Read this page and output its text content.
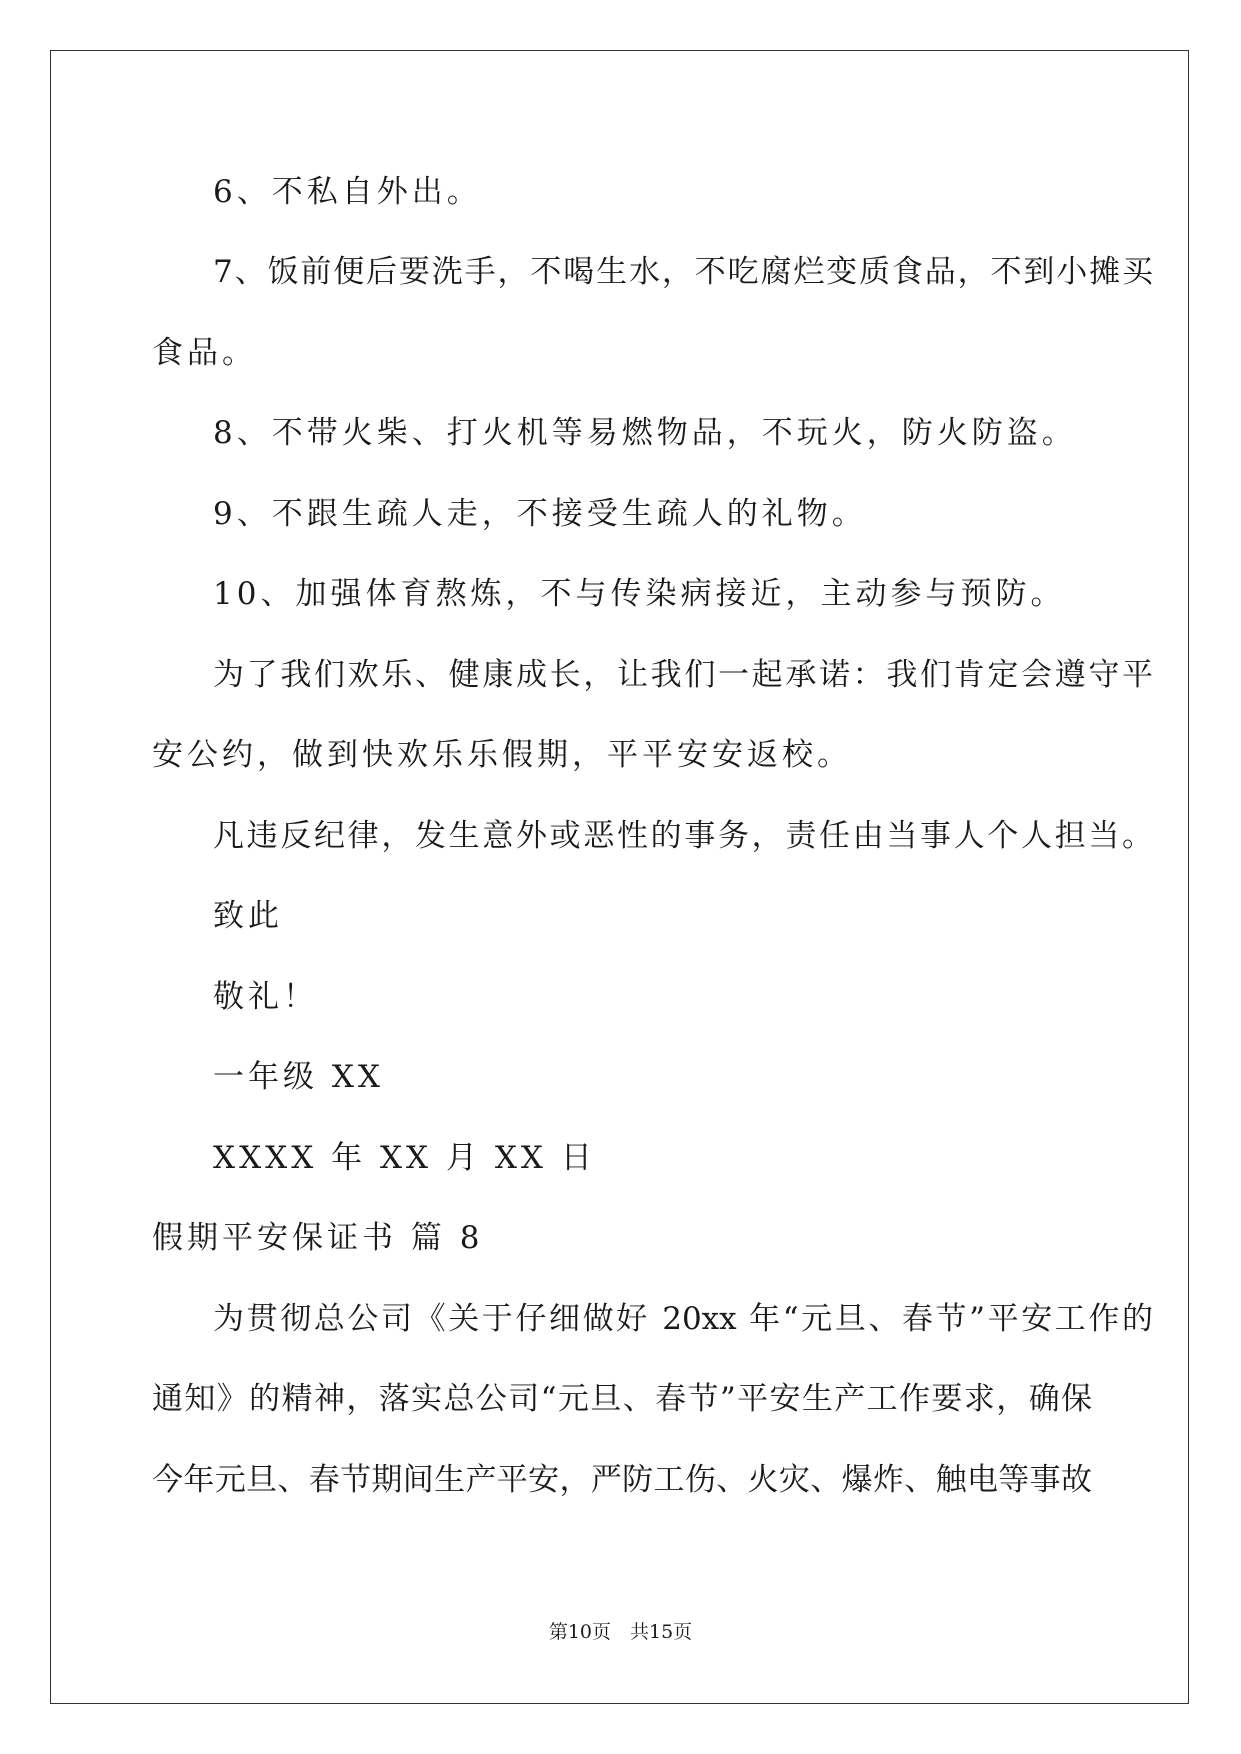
6、不私自外出。
7、饭前便后要洗手，不喝生水，不吃腐烂变质食品，不到小摊买
食品。
8、不带火柴、打火机等易燃物品，不玩火，防火防盗。
9、不跟生疏人走，不接受生疏人的礼物。
10、加强体育熬炼，不与传染病接近，主动参与预防。
为了我们欢乐、健康成长，让我们一起承诺：我们肯定会遵守平
安公约，做到快欢乐乐假期，平平安安返校。
凡违反纪律，发生意外或恶性的事务，责任由当事人个人担当。
致此
敬礼！
一年级 XX
XXXX 年 XX 月 XX 日
假期平安保证书 篇 8
为贯彻总公司《关于仔细做好 20xx 年“元旦、春节”平安工作的
通知》的精神，落实总公司“元旦、春节”平安生产工作要求，确保
今年元旦、春节期间生产平安，严防工伤、火灾、爆炸、触电等事故
第10页　共15页
